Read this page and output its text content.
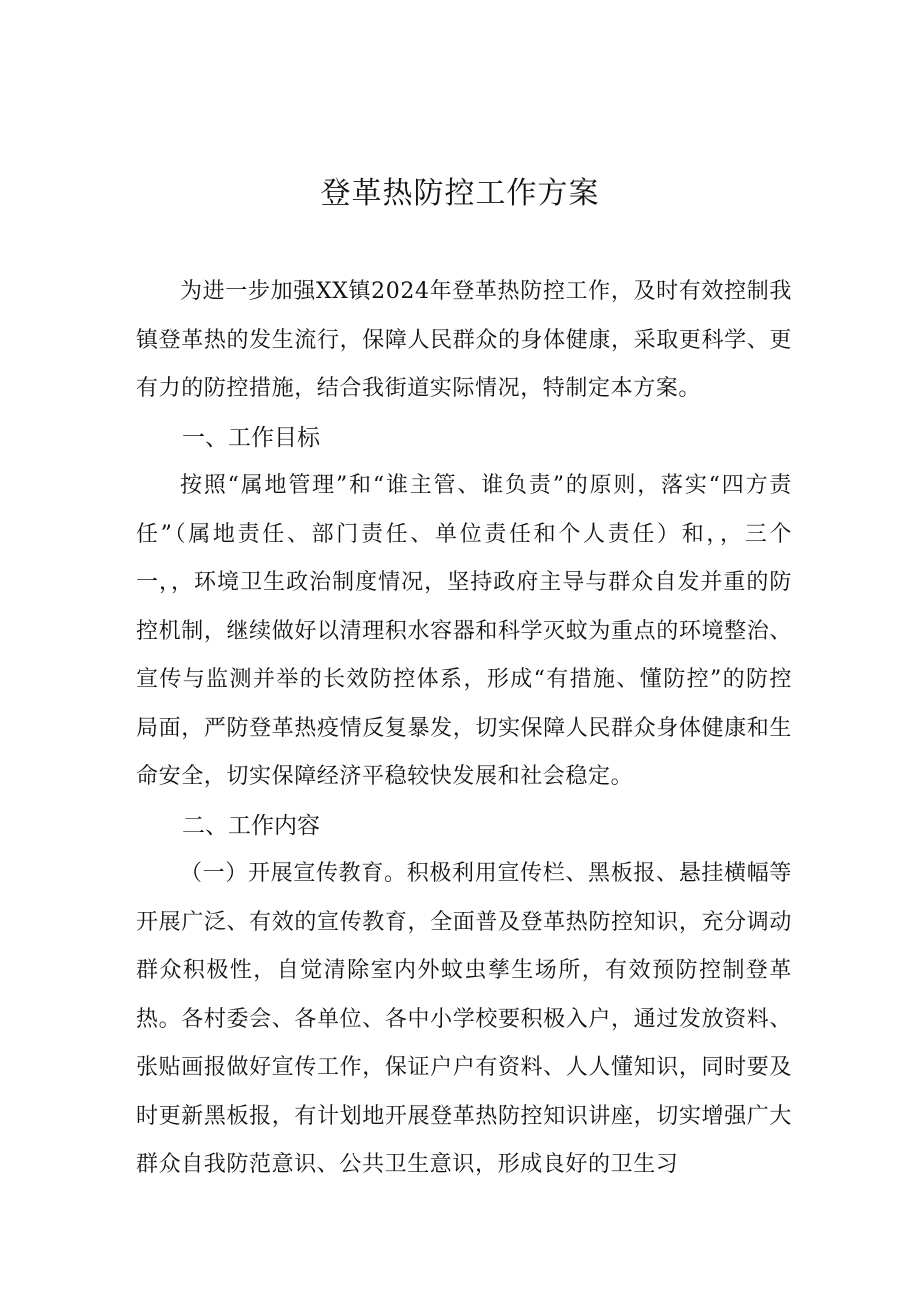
登革热防控工作方案

为进一步加强XX镇2024年登革热防控工作，及时有效控制我镇登革热的发生流行，保障人民群众的身体健康，采取更科学、更有力的防控措施，结合我街道实际情况，特制定本方案。

一、工作目标

按照“属地管理”和“谁主管、谁负责”的原则，落实“四方责任”（属地责任、部门责任、单位责任和个人责任）和，，三个一，，环境卫生政治制度情况，坚持政府主导与群众自发并重的防控机制，继续做好以清理积水容器和科学灭蚊为重点的环境整治、宣传与监测并举的长效防控体系，形成“有措施、懂防控”的防控局面，严防登革热疫情反复暴发，切实保障人民群众身体健康和生命安全，切实保障经济平稳较快发展和社会稳定。

二、工作内容

（一）开展宣传教育。积极利用宣传栏、黑板报、悬挂横幅等开展广泛、有效的宣传教育，全面普及登革热防控知识，充分调动群众积极性，自觉清除室内外蚊虫孳生场所，有效预防控制登革热。各村委会、各单位、各中小学校要积极入户，通过发放资料、张贴画报做好宣传工作，保证户户有资料、人人懂知识，同时要及时更新黑板报，有计划地开展登革热防控知识讲座，切实增强广大群众自我防范意识、公共卫生意识，形成良好的卫生习
